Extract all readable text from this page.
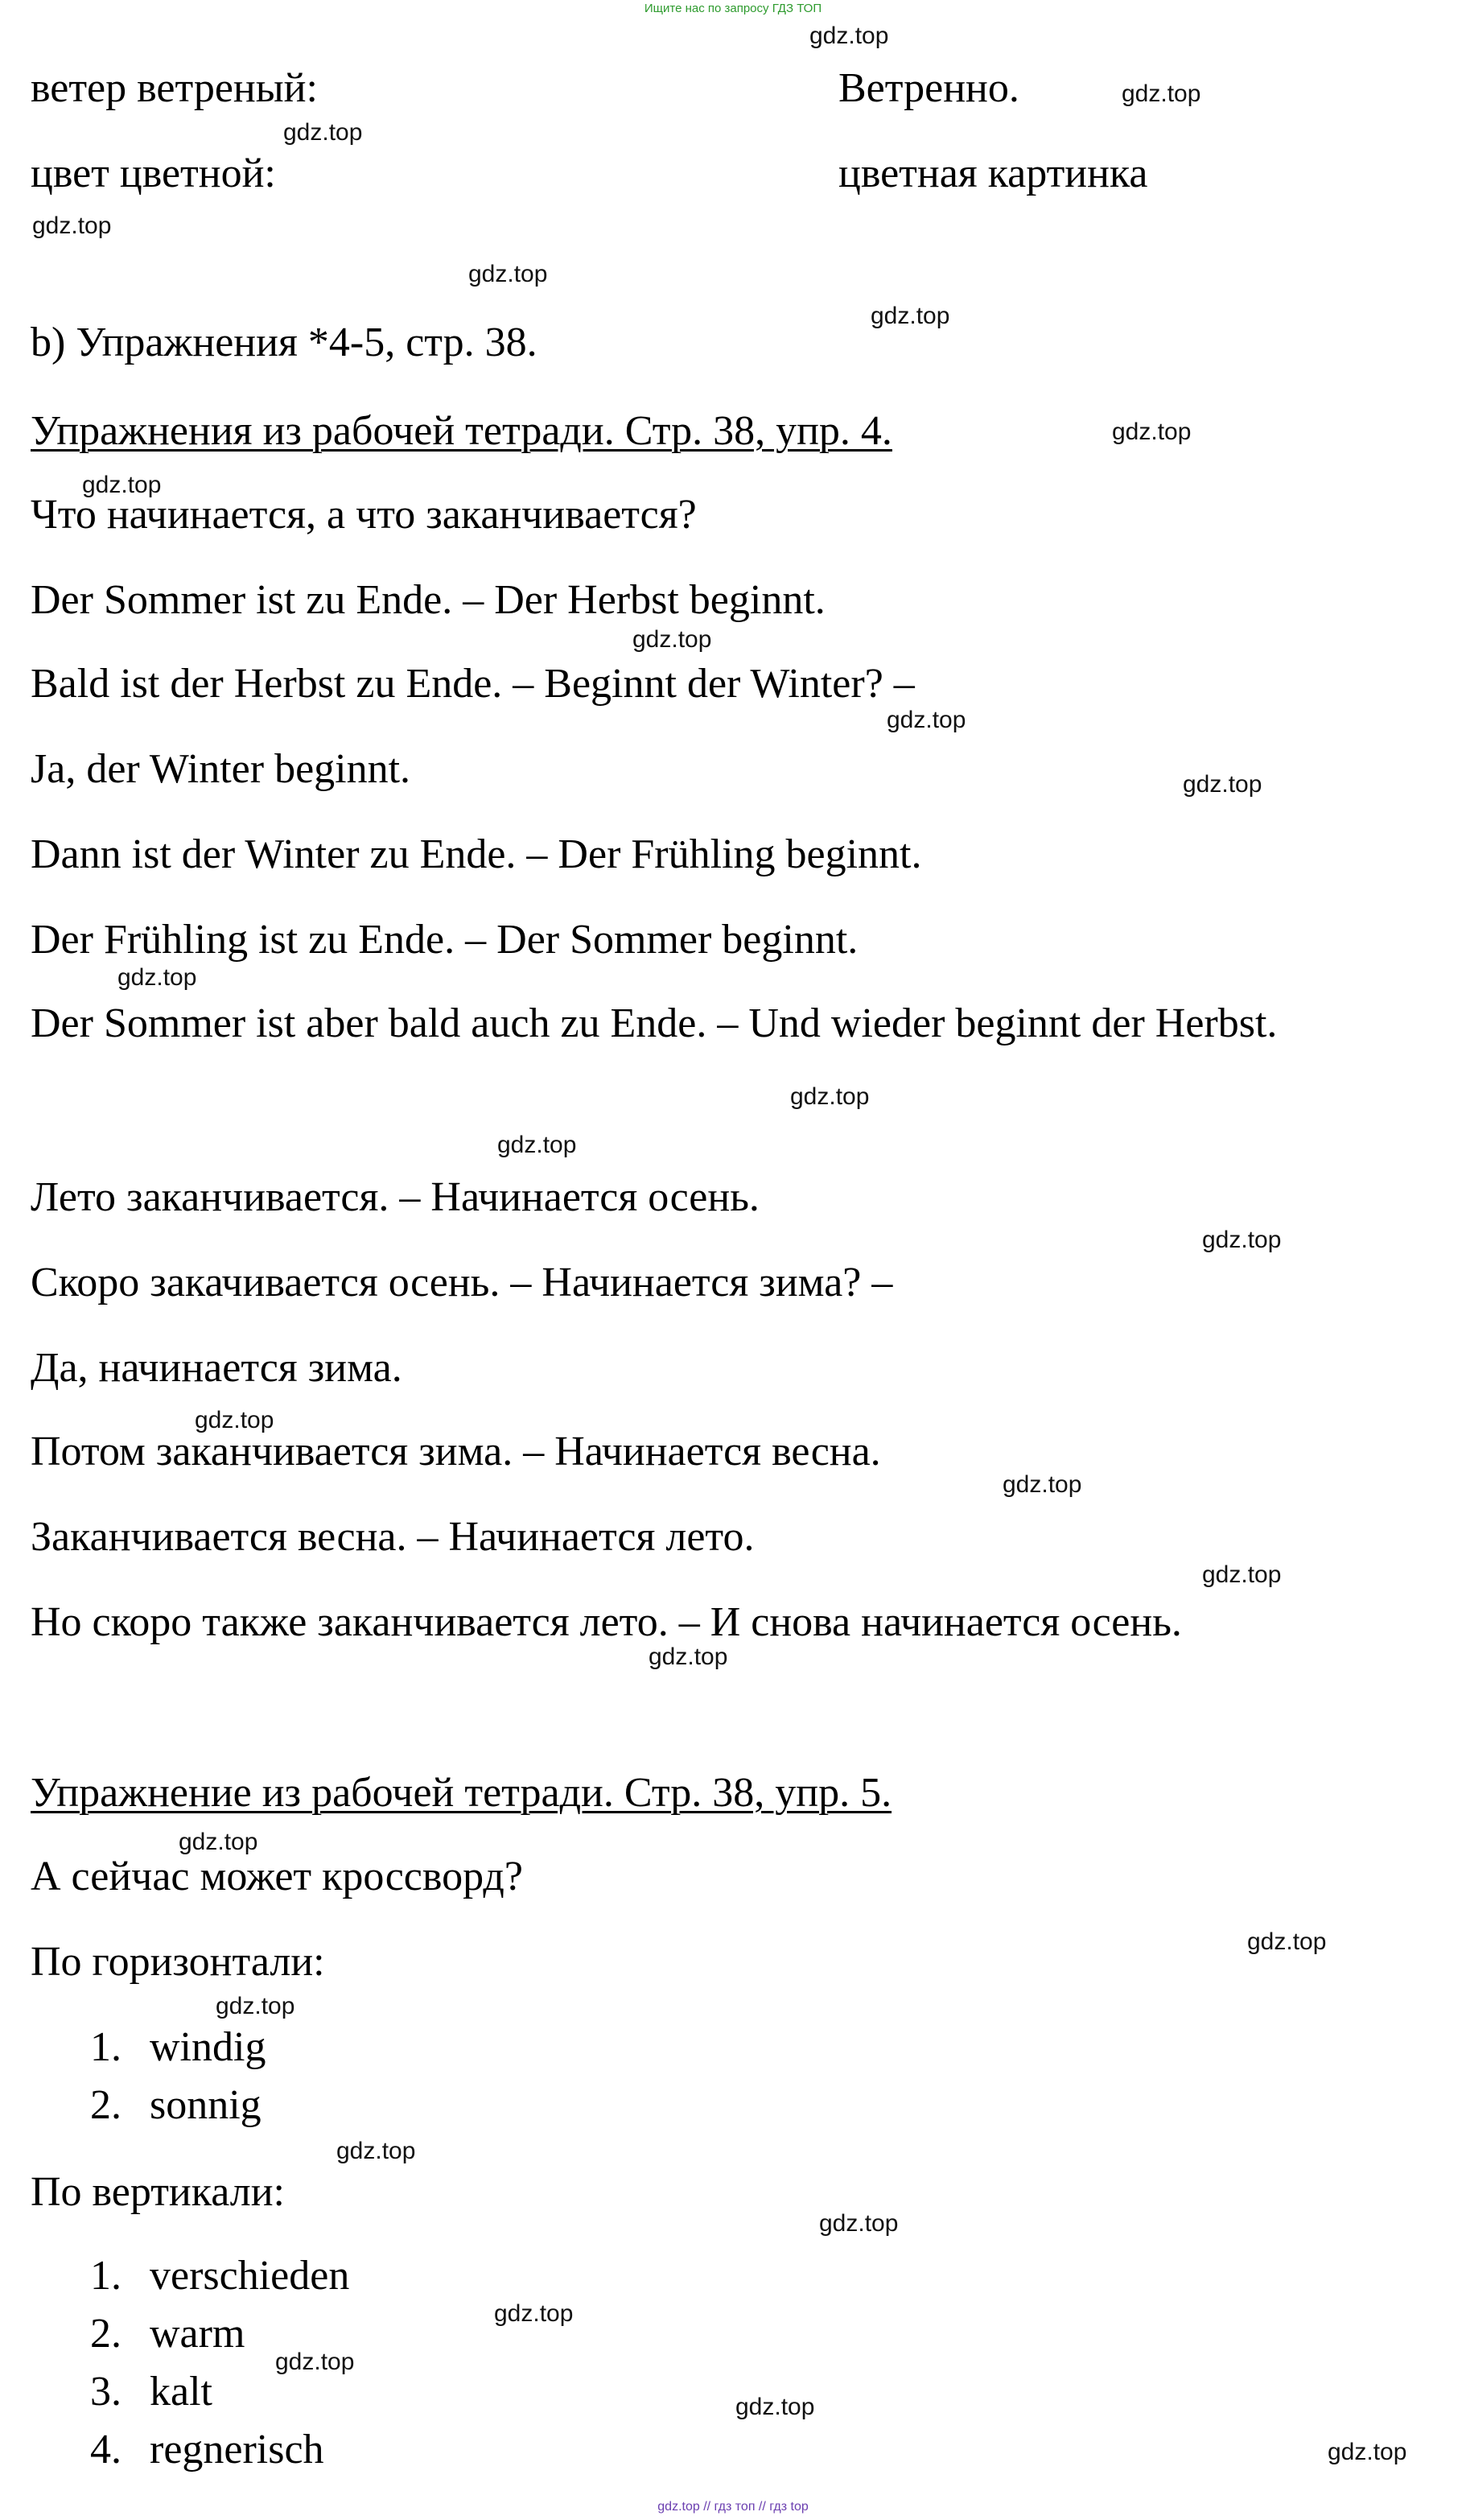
Ищите нас по запросу ГДЗ ТОП
ветер ветреный:	Ветренно.
цвет цветной:	цветная картинка
b) Упражнения *4-5, стр. 38.
Упражнения из рабочей тетради. Стр. 38, упр. 4.
Что начинается, а что заканчивается?
Der Sommer ist zu Ende. – Der Herbst beginnt.
Bald ist der Herbst zu Ende. – Beginnt der Winter? –
Ja, der Winter beginnt.
Dann ist der Winter zu Ende. – Der Frühling beginnt.
Der Frühling ist zu Ende. – Der Sommer beginnt.
Der Sommer ist aber bald auch zu Ende. – Und wieder beginnt der Herbst.
Лето заканчивается. – Начинается осень.
Скоро закачивается осень. – Начинается зима? –
Да, начинается зима.
Потом заканчивается зима. – Начинается весна.
Заканчивается весна. – Начинается лето.
Но скоро также заканчивается лето. – И снова начинается осень.
Упражнение из рабочей тетради. Стр. 38, упр. 5.
А сейчас может кроссворд?
По горизонтали:
1. windig
2. sonnig
По вертикали:
1. verschieden
2. warm
3. kalt
4. regnerisch
gdz.top
gdz.top
gdz.top
gdz.top
gdz.top
gdz.top
gdz.top
gdz.top
gdz.top
gdz.top
gdz.top
gdz.top
gdz.top
gdz.top
gdz.top
gdz.top
gdz.top
gdz.top
gdz.top
gdz.top
gdz.top
gdz.top
gdz.top
gdz.top
gdz.top
gdz.top
gdz.top
gdz.top
gdz.top // гдз топ // гдз top
